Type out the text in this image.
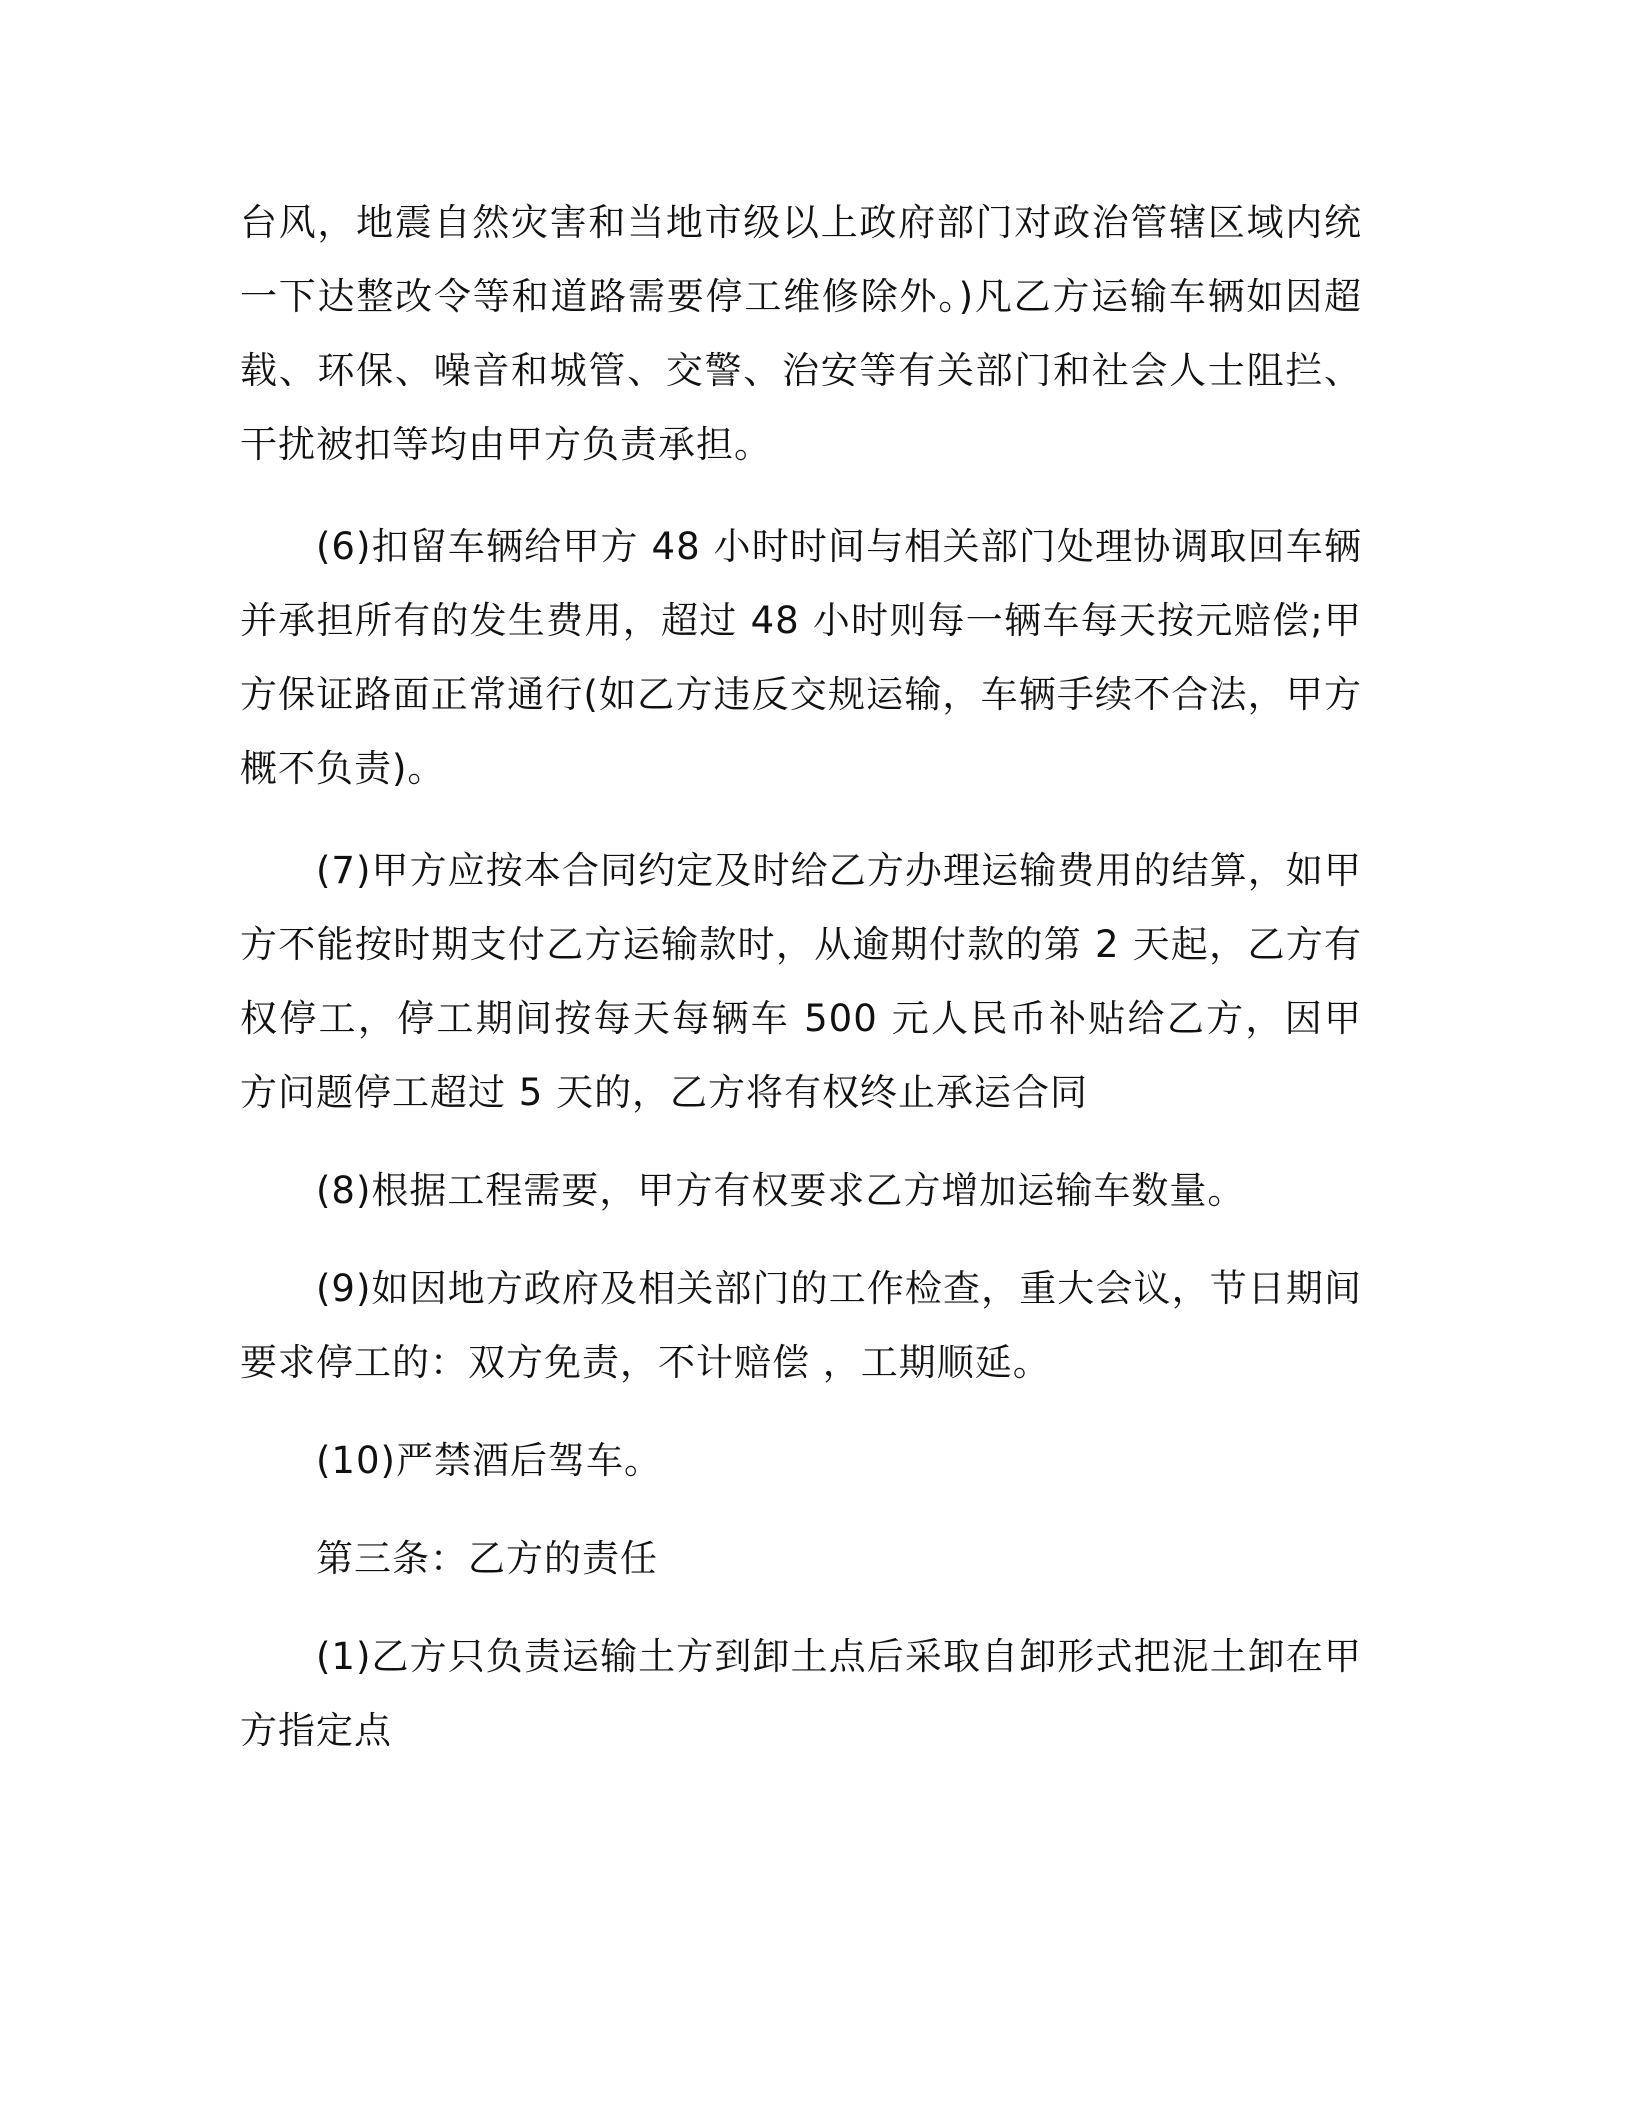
台风，地震自然灾害和当地市级以上政府部门对政治管辖区域内统一下达整改令等和道路需要停工维修除外。)凡乙方运输车辆如因超载、环保、噪音和城管、交警、治安等有关部门和社会人士阻拦、干扰被扣等均由甲方负责承担。

(6)扣留车辆给甲方 48 小时时间与相关部门处理协调取回车辆并承担所有的发生费用，超过 48 小时则每一辆车每天按元赔偿;甲方保证路面正常通行(如乙方违反交规运输，车辆手续不合法，甲方概不负责)。

(7)甲方应按本合同约定及时给乙方办理运输费用的结算，如甲方不能按时期支付乙方运输款时，从逾期付款的第 2 天起，乙方有权停工，停工期间按每天每辆车 500 元人民币补贴给乙方，因甲方问题停工超过 5 天的，乙方将有权终止承运合同

(8)根据工程需要，甲方有权要求乙方增加运输车数量。

(9)如因地方政府及相关部门的工作检查，重大会议，节日期间要求停工的：双方免责，不计赔偿 ，工期顺延。

(10)严禁酒后驾车。

第三条：乙方的责任

(1)乙方只负责运输土方到卸土点后采取自卸形式把泥土卸在甲方指定点
